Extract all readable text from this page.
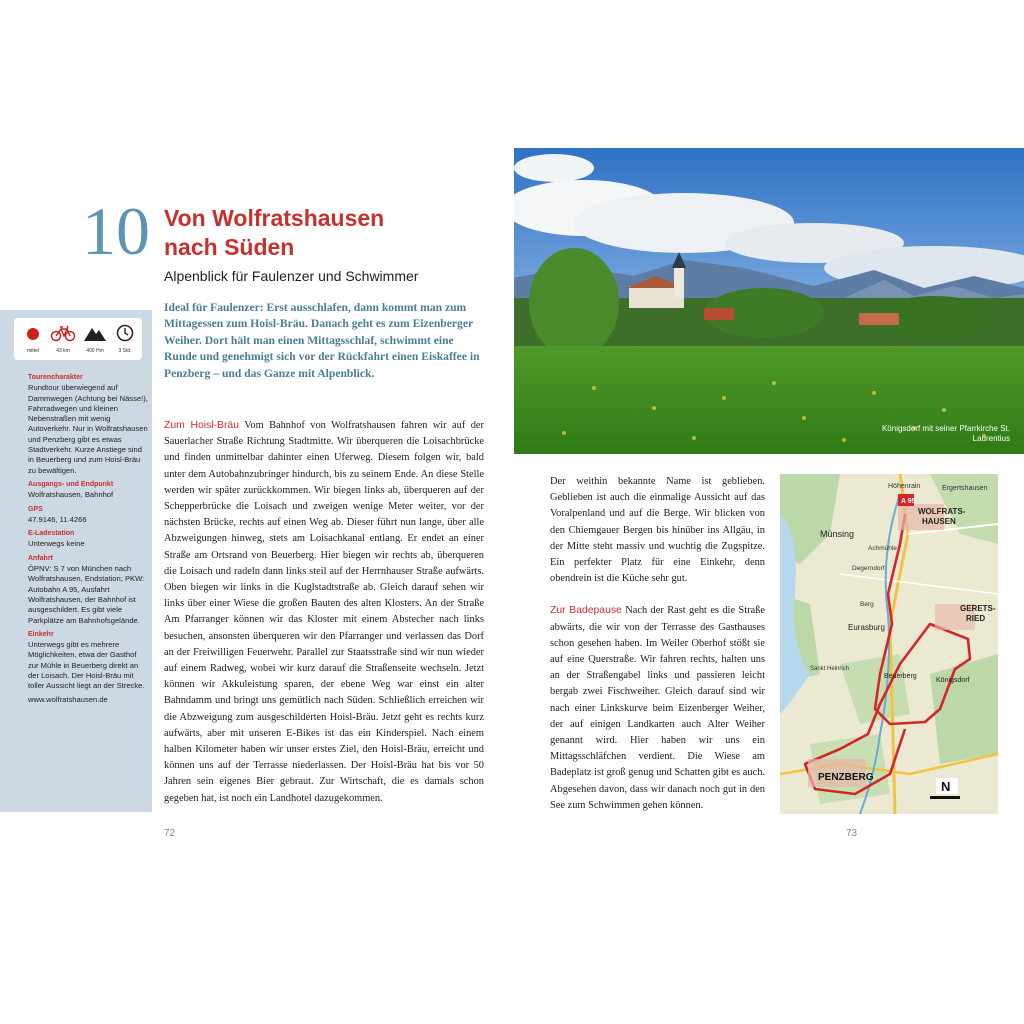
10 Von Wolfratshausen
nach Süden
Alpenblick für Faulenzer und Schwimmer
mittel	43 km	400 Hm	3 Std.

Tourencharakter
Rundtour überwiegend auf Dammwegen (Achtung bei Nässe!), Fahrradwegen und kleinen Nebenstraßen mit wenig Autoverkehr. Nur in Wolfratshausen und Penzberg gibt es etwas Stadtverkehr. Kurze Anstiege sind in Beuerberg und zum Hoisl-Bräu zu bewältigen.

Ausgangs- und Endpunkt
Wolfratshausen, Bahnhof

GPS
47.9146, 11.4266

E-Ladestation
Unterwegs keine

Anfahrt
ÖPNV: S 7 von München nach Wolfratshausen, Endstation; PKW: Autobahn A 95, Ausfahrt Wolfratshausen, der Bahnhof ist ausgeschildert. Es gibt viele Parkplätze am Bahnhofsgelände.

Einkehr
Unterwegs gibt es mehrere Möglichkeiten, etwa der Gasthof zur Mühle in Beuerberg direkt an der Loisach. Der Hoisl-Bräu mit toller Aussicht liegt an der Strecke.

www.wolfratshausen.de

Ideal für Faulenzer: Erst ausschlafen, dann kommt man zum Mittagessen zum Hoisl-Bräu. Danach geht es zum Eizenberger Weiher. Dort hält man einen Mittagsschlaf, schwimmt eine Runde und genehmigt sich vor der Rückfahrt einen Eiskaffee in Penzberg – und das Ganze mit Alpenblick.
Zum Hoisl-Bräu Vom Bahnhof von Wolfratshausen fahren wir auf der Sauerlacher Straße Richtung Stadtmitte. Wir überqueren die Loisachbrücke und finden unmittelbar dahinter einen Uferweg. Diesem folgen wir, bald unter dem Autobahnzubringer hindurch, bis zu seinem Ende. An diese Stelle werden wir später zurückkommen. Wir biegen links ab, überqueren auf der Schepperbrücke die Loisach und zweigen wenige Meter weiter, vor der nächsten Brücke, rechts auf einen Weg ab. Dieser führt nun lange, über alle Abzweigungen hinweg, stets am Loisachkanal entlang. Er endet an einer Straße am Ortsrand von Beuerberg. Hier biegen wir rechts ab, überqueren die Loisach und radeln dann links steil auf der Herrnhauser Straße aufwärts. Oben biegen wir links in die Kuglstadtstraße ab. Gleich darauf sehen wir links über einer Wiese die großen Bauten des alten Klosters. An der Straße Am Pfarranger können wir das Kloster mit einem Abstecher nach links besuchen, ansonsten überqueren wir den Pfarranger und verlassen das Dorf an der Freiwilligen Feuerwehr. Parallel zur Staatsstraße sind wir nun wieder auf einem Radweg, wobei wir kurz darauf die Straßenseite wechseln. Jetzt können wir Akkuleistung sparen, der ebene Weg war einst ein alter Bahndamm und bringt uns gemütlich nach Süden. Schließlich erreichen wir die Abzweigung zum ausgeschilderten Hoisl-Bräu. Jetzt geht es rechts kurz aufwärts, aber mit unseren E-Bikes ist das ein Kinderspiel. Nach einem halben Kilometer haben wir unser erstes Ziel, den Hoisl-Bräu, erreicht und können uns auf der Terrasse niederlassen. Der Hoisl-Bräu hat bis vor 50 Jahren sein eigenes Bier gebraut. Zur Wirtschaft, die es damals schon gegeben hat, ist noch ein Landhotel dazugekommen.
72
Königsdorf mit seiner Pfarrkirche St. Laurentius

Der weithin bekannte Name ist geblieben. Geblieben ist auch die einmalige Aussicht auf das Voralpenland und auf die Berge. Wir blicken von den Chiemgauer Bergen bis hinüber ins Allgäu, in der Mitte steht massiv und wuchtig die Zugspitze. Ein perfekter Platz für eine Einkehr, denn obendrein ist die Küche sehr gut.

Zur Badepause Nach der Rast geht es die Straße abwärts, die wir von der Terrasse des Gasthauses schon gesehen haben. Im Weiler Oberhof stößt sie auf eine Querstraße. Wir fahren rechts, halten uns an der Straßengabel links und passieren leicht bergab zwei Fischweiher. Gleich darauf sind wir nach einer Linkskurve beim Eizenberger Weiher, der auf einigen Landkarten auch Alter Weiher genannt wird. Hier haben wir uns ein Mittagsschläfchen verdient. Die Wiese am Badeplatz ist groß genug und Schatten gibt es auch. Abgesehen davon, dass wir danach noch gut in den See zum Schwimmen gehen können.

A 95
Höhenrain	Ergertshausen
WOLFRATS-
HAUSEN
Münsing
Achmühle
Degerndorf
Berg	GERETS-
RIED
Eurasburg
Beuerberg
Königsdorf
Sankt Heinrich
PENZBERG
N
73
